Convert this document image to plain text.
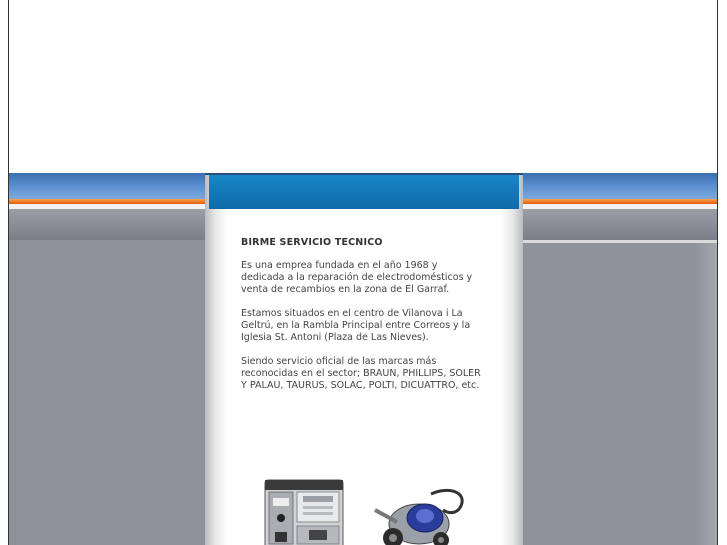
BIRME SERVICIO TECNICO

Es una emprea fundada en el año 1968 y dedicada a la reparación de electrodomésticos y venta de recambios en la zona de El Garraf.

Estamos situados en el centro de Vilanova i La Geltrú, en la Rambla Principal entre Correos y la Iglesia St. Antoni (Plaza de Las Nieves).

Siendo servicio oficial de las marcas más reconocidas en el sector; BRAUN, PHILLIPS, SOLER Y PALAU, TAURUS, SOLAC, POLTI, DICUATTRO, etc.
